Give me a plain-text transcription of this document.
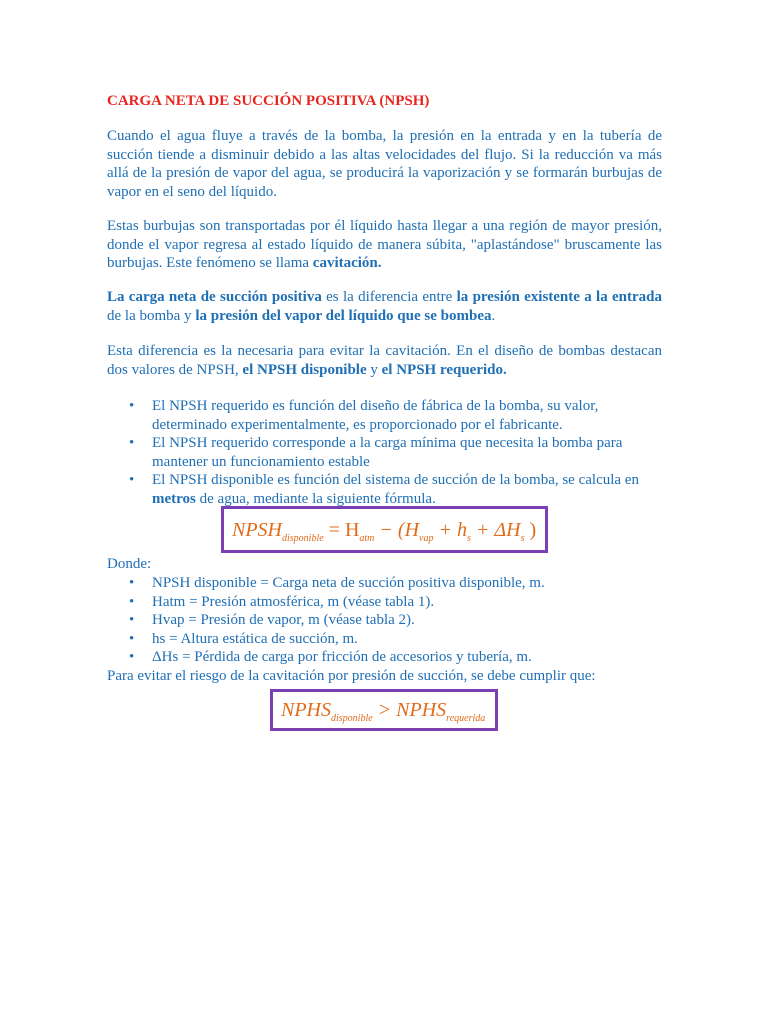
CARGA NETA DE SUCCIÓN POSITIVA (NPSH)

Cuando el agua fluye a través de la bomba, la presión en la entrada y en la tubería de succión tiende a disminuir debido a las altas velocidades del flujo. Si la reducción va más allá de la presión de vapor del agua, se producirá la vaporización y se formarán burbujas de vapor en el seno del líquido.

Estas burbujas son transportadas por él líquido hasta llegar a una región de mayor presión, donde el vapor regresa al estado líquido de manera súbita, "aplastándose" bruscamente las burbujas. Este fenómeno se llama cavitación.

La carga neta de succión positiva es la diferencia entre la presión existente a la entrada de la bomba y la presión del vapor del líquido que se bombea.

Esta diferencia es la necesaria para evitar la cavitación. En el diseño de bombas destacan dos valores de NPSH, el NPSH disponible y el NPSH requerido.

• El NPSH requerido es función del diseño de fábrica de la bomba, su valor, determinado experimentalmente, es proporcionado por el fabricante.
• El NPSH requerido corresponde a la carga mínima que necesita la bomba para mantener un funcionamiento estable
• El NPSH disponible es función del sistema de succión de la bomba, se calcula en metros de agua, mediante la siguiente fórmula.
$NPSH_{disponible} = H_{atm} - (H_{vap} + h_s + \Delta H_s$ )
Donde:
• NPSH disponible = Carga neta de succión positiva disponible, m.
• Hatm = Presión atmosférica, m (véase tabla 1).
• Hvap = Presión de vapor, m (véase tabla 2).
• hs = Altura estática de succión, m.
• ΔHs = Pérdida de carga por fricción de accesorios y tubería, m.
Para evitar el riesgo de la cavitación por presión de succión, se debe cumplir que:
$NPHS_{disponible}$ > $NPHS_{requerida}$
